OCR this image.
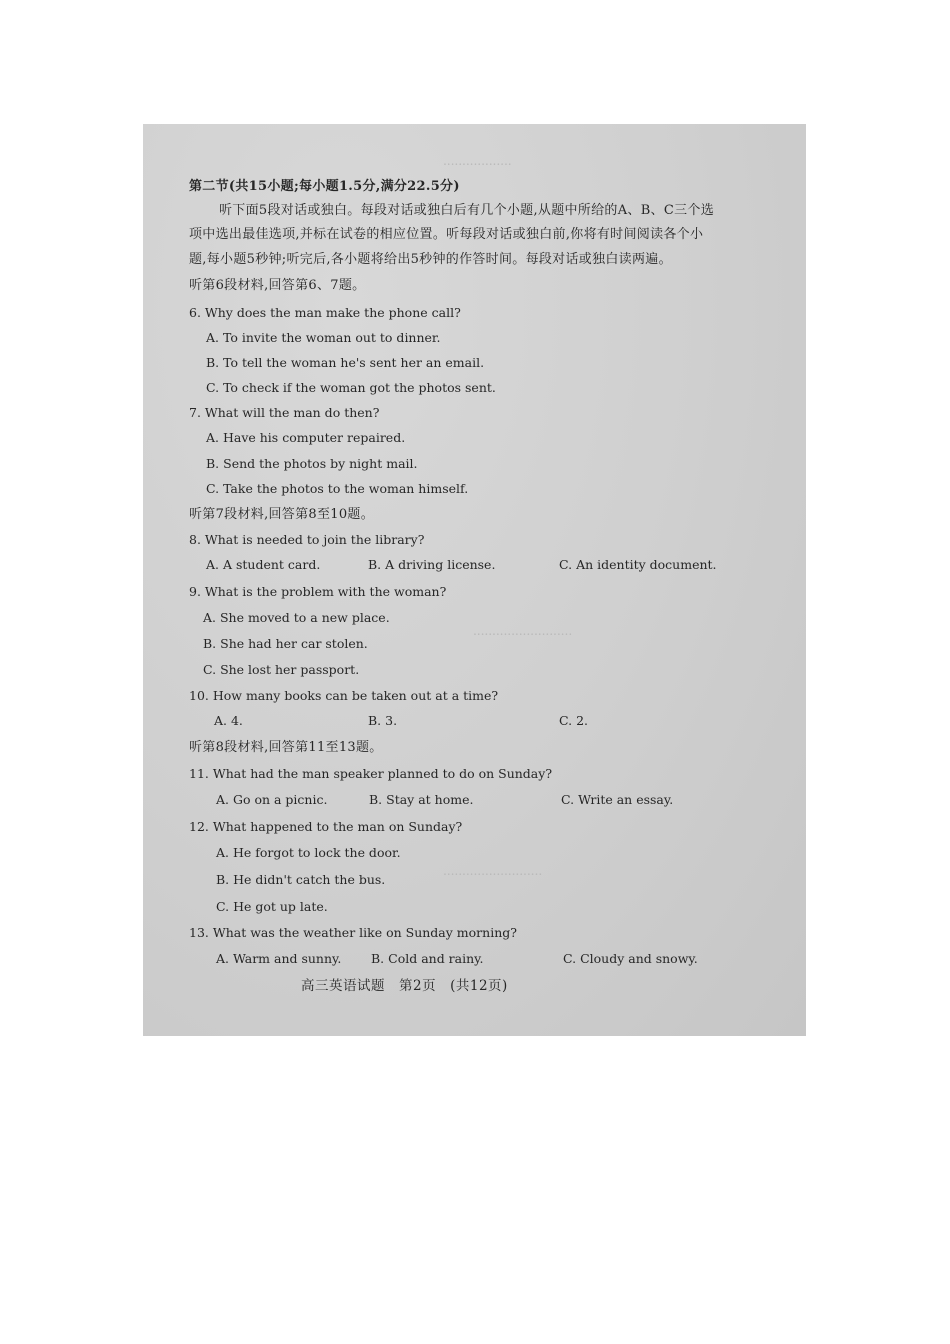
..................
..........................
..........................
第二节(共15小题;每小题1.5分,满分22.5分)
听下面5段对话或独白。每段对话或独白后有几个小题,从题中所给的A、B、C三个选
项中选出最佳选项,并标在试卷的相应位置。听每段对话或独白前,你将有时间阅读各个小
题,每小题5秒钟;听完后,各小题将给出5秒钟的作答时间。每段对话或独白读两遍。
听第6段材料,回答第6、7题。
6. Why does the man make the phone call?
A. To invite the woman out to dinner.
B. To tell the woman he's sent her an email.
C. To check if the woman got the photos sent.
7. What will the man do then?
A. Have his computer repaired.
B. Send the photos by night mail.
C. Take the photos to the woman himself.
听第7段材料,回答第8至10题。
8. What is needed to join the library?
A. A student card.	B. A driving license.	C. An identity document.
9. What is the problem with the woman?
A. She moved to a new place.
B. She had her car stolen.
C. She lost her passport.
10. How many books can be taken out at a time?
A. 4.	B. 3.	C. 2.
听第8段材料,回答第11至13题。
11. What had the man speaker planned to do on Sunday?
A. Go on a picnic.	B. Stay at home.	C. Write an essay.
12. What happened to the man on Sunday?
A. He forgot to lock the door.
B. He didn't catch the bus.
C. He got up late.
13. What was the weather like on Sunday morning?
A. Warm and sunny. B. Cold and rainy.	C. Cloudy and snowy.
高三英语试题　第2页　(共12页)
